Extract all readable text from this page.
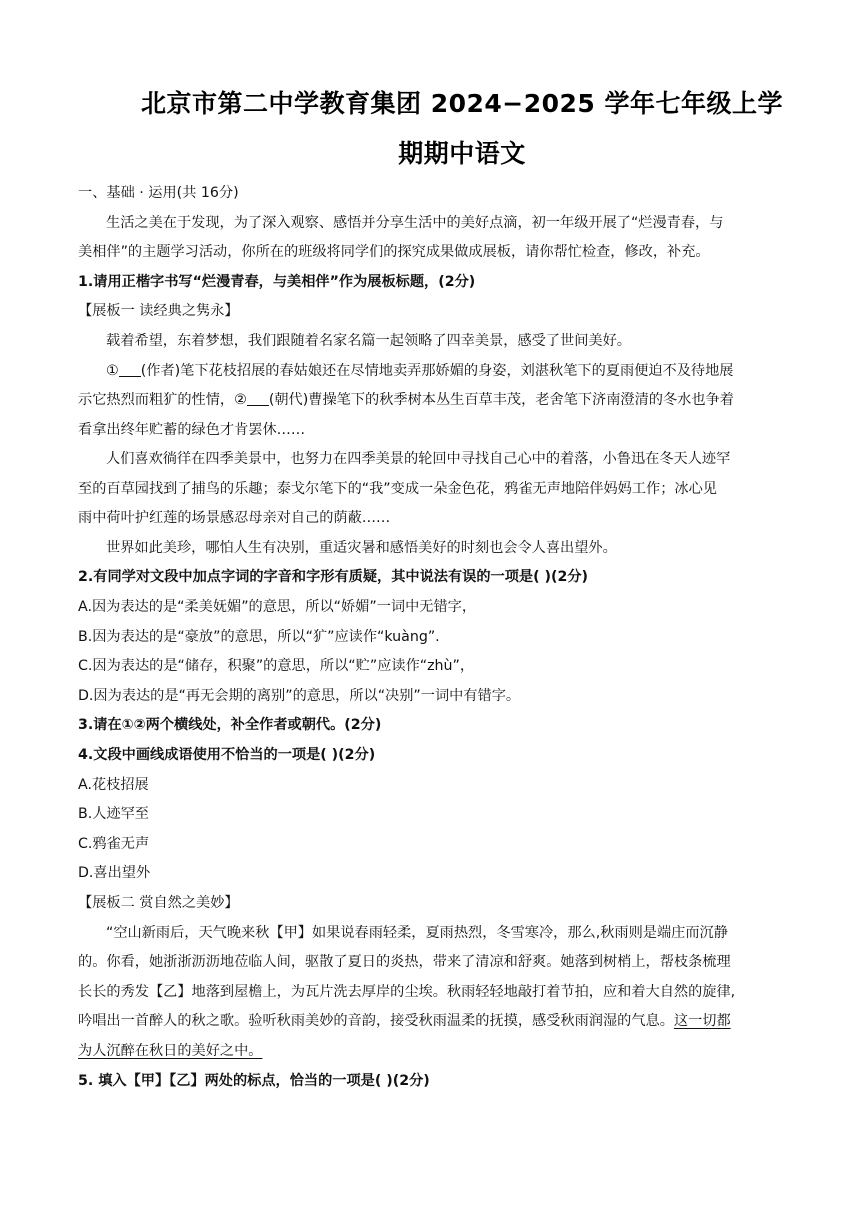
北京市第二中学教育集团 2024−2025 学年七年级上学
期期中语文
一、基础 · 运用(共 16分)
生活之美在于发现，为了深入观察、感悟并分享生活中的美好点滴，初一年级开展了“烂漫青春，与
美相伴”的主题学习活动，你所在的班级将同学们的探究成果做成展板，请你帮忙检查，修改，补充。
1.请用正楷字书写“烂漫青春，与美相伴”作为展板标题，(2分)
【展板一 读经典之隽永】
载着希望，东着梦想，我们跟随着名家名篇一起领略了四幸美景，感受了世间美好。
① (作者)笔下花枝招展的春姑娘还在尽情地卖弄那娇媚的身姿，刘湛秋笔下的夏雨便迫不及待地展
示它热烈而粗犷的性情，② (朝代)曹操笔下的秋季树本丛生百草丰茂，老舍笔下济南澄清的冬水也争着
看拿出终年贮蓄的绿色才肯罢休……
人们喜欢徜徉在四季美景中，也努力在四季美景的轮回中寻找自己心中的着落，小鲁迅在冬天人迹罕
至的百草园找到了捕鸟的乐趣；泰戈尔笔下的“我”变成一朵金色花，鸦雀无声地陪伴妈妈工作；冰心见
雨中荷叶护红莲的场景感忍母亲对自己的荫蔽……
世界如此美珍，哪怕人生有决别，重适灾暑和感悟美好的时刻也会令人喜出望外。
2.有同学对文段中加点字词的字音和字形有质疑，其中说法有误的一项是( )(2分)
A.因为表达的是“柔美妩媚”的意思，所以“娇媚”一词中无错字，
B.因为表达的是“豪放”的意思，所以“犷”应读作“kuàng”.
C.因为表达的是“储存，积聚”的意思，所以“贮”应读作“zhù”，
D.因为表达的是“再无会期的离别”的意思，所以“决别”一词中有错字。
3.请在①②两个横线处，补全作者或朝代。(2分)
4.文段中画线成语使用不恰当的一项是( )(2分)
A.花枝招展
B.人迹罕至
C.鸦雀无声
D.喜出望外
【展板二 赏自然之美妙】
“空山新雨后，天气晚来秋【甲】如果说春雨轻柔，夏雨热烈，冬雪寒冷，那么,秋雨则是端庄而沉静
的。你看，她浙浙沥沥地莅临人间，驱散了夏日的炎热，带来了清凉和舒爽。她落到树梢上，帮枝条梳理
长长的秀发【乙】地落到屋檐上，为瓦片洗去厚岸的尘埃。秋雨轻轻地敲打着节拍，应和着大自然的旋律,
吟唱出一首醉人的秋之歌。验听秋雨美妙的音韵，接受秋雨温柔的抚摸，感受秋雨润湿的气息。这一切都
为人沉醉在秋日的美好之中。
5. 填入【甲】【乙】两处的标点，恰当的一项是( )(2分)
